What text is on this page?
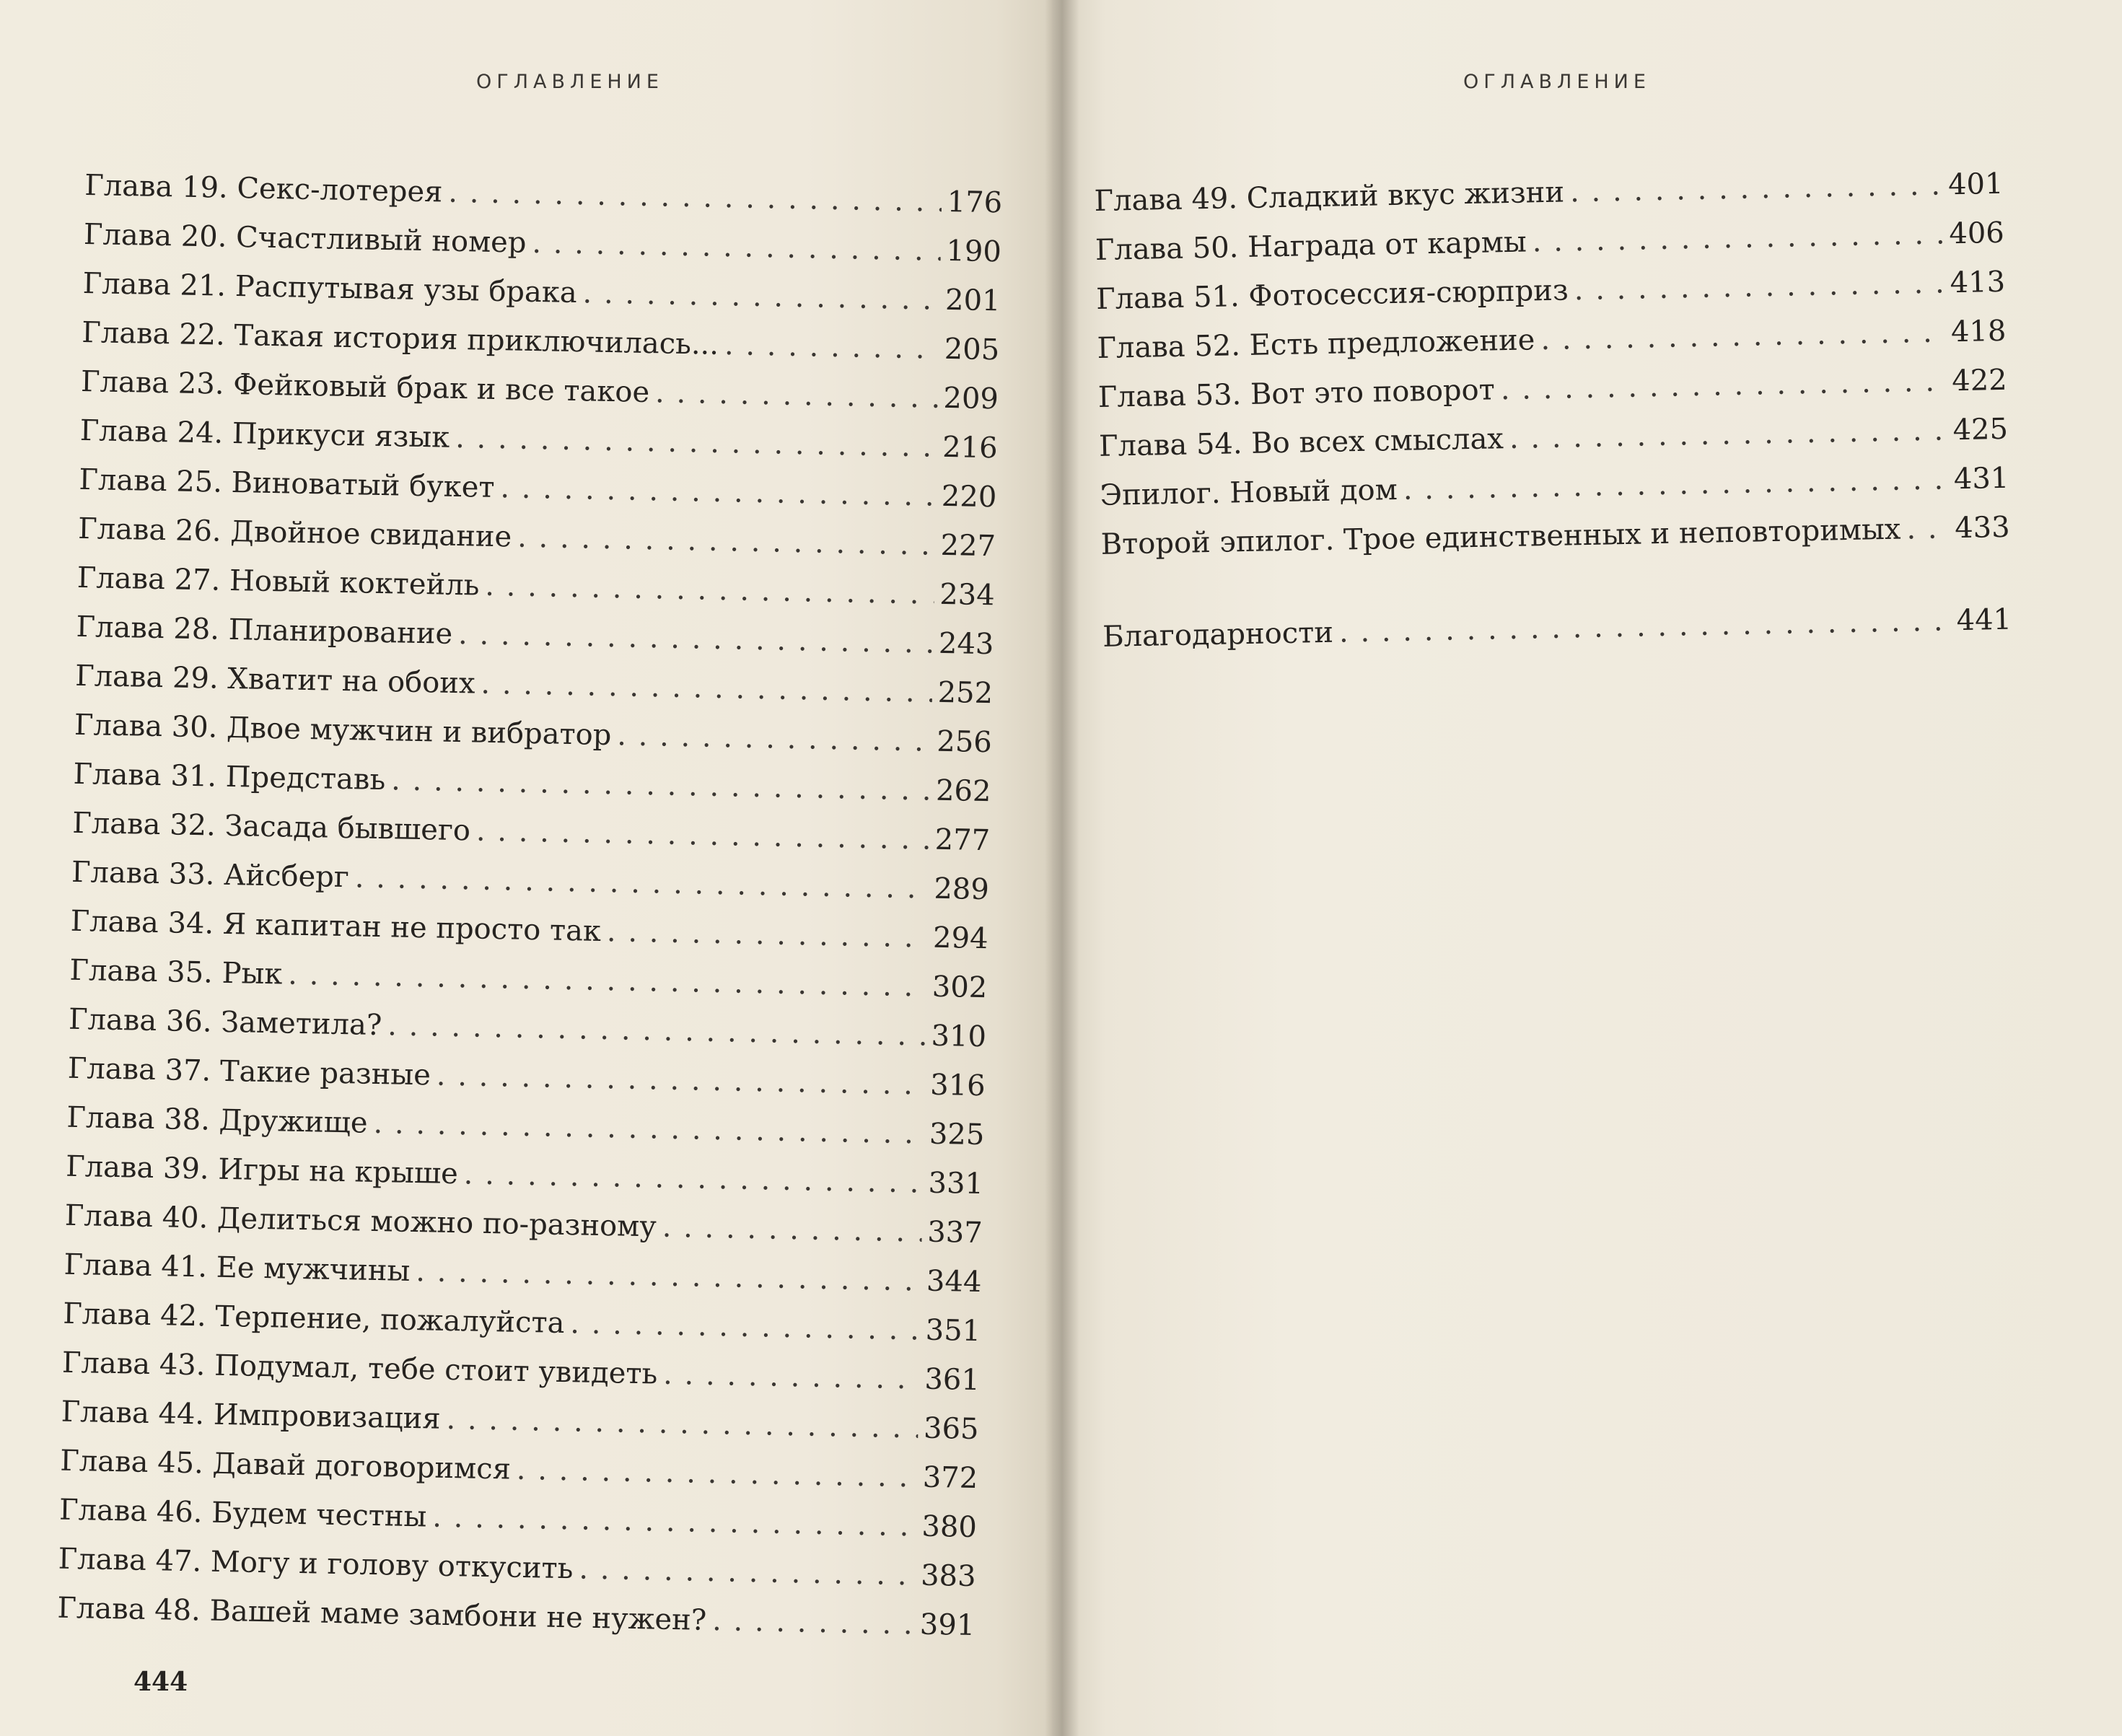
ОГЛАВЛЕНИЕ
Глава 19. Секс-лотерея . . .	176
Глава 20. Счастливый номер . . .	190
Глава 21. Распутывая узы брака . . .	201
Глава 22. Такая история приключилась... . . .	205
Глава 23. Фейковый брак и все такое . . .	209
Глава 24. Прикуси язык . . .	216
Глава 25. Виноватый букет . . .	220
Глава 26. Двойное свидание . . .	227
Глава 27. Новый коктейль . . .	234
Глава 28. Планирование . . .	243
Глава 29. Хватит на обоих . . .	252
Глава 30. Двое мужчин и вибратор . . .	256
Глава 31. Представь . . .	262
Глава 32. Засада бывшего . . .	277
Глава 33. Айсберг . . .	289
Глава 34. Я капитан не просто так . . .	294
Глава 35. Рык . . .	302
Глава 36. Заметила? . . .	310
Глава 37. Такие разные . . .	316
Глава 38. Дружище . . .	325
Глава 39. Игры на крыше . . .	331
Глава 40. Делиться можно по-разному . . .	337
Глава 41. Ее мужчины . . .	344
Глава 42. Терпение, пожалуйста . . .	351
Глава 43. Подумал, тебе стоит увидеть . . .	361
Глава 44. Импровизация . . .	365
Глава 45. Давай договоримся . . .	372
Глава 46. Будем честны . . .	380
Глава 47. Могу и голову откусить . . .	383
Глава 48. Вашей маме замбони не нужен? . . .	391
444
ОГЛАВЛЕНИЕ
Глава 49. Сладкий вкус жизни . . .	401
Глава 50. Награда от кармы . . .	406
Глава 51. Фотосессия-сюрприз . . .	413
Глава 52. Есть предложение . . .	418
Глава 53. Вот это поворот . . .	422
Глава 54. Во всех смыслах . . .	425
Эпилог. Новый дом . . .	431
Второй эпилог. Трое единственных и неповторимых . . . 433
Благодарности . . .	441
